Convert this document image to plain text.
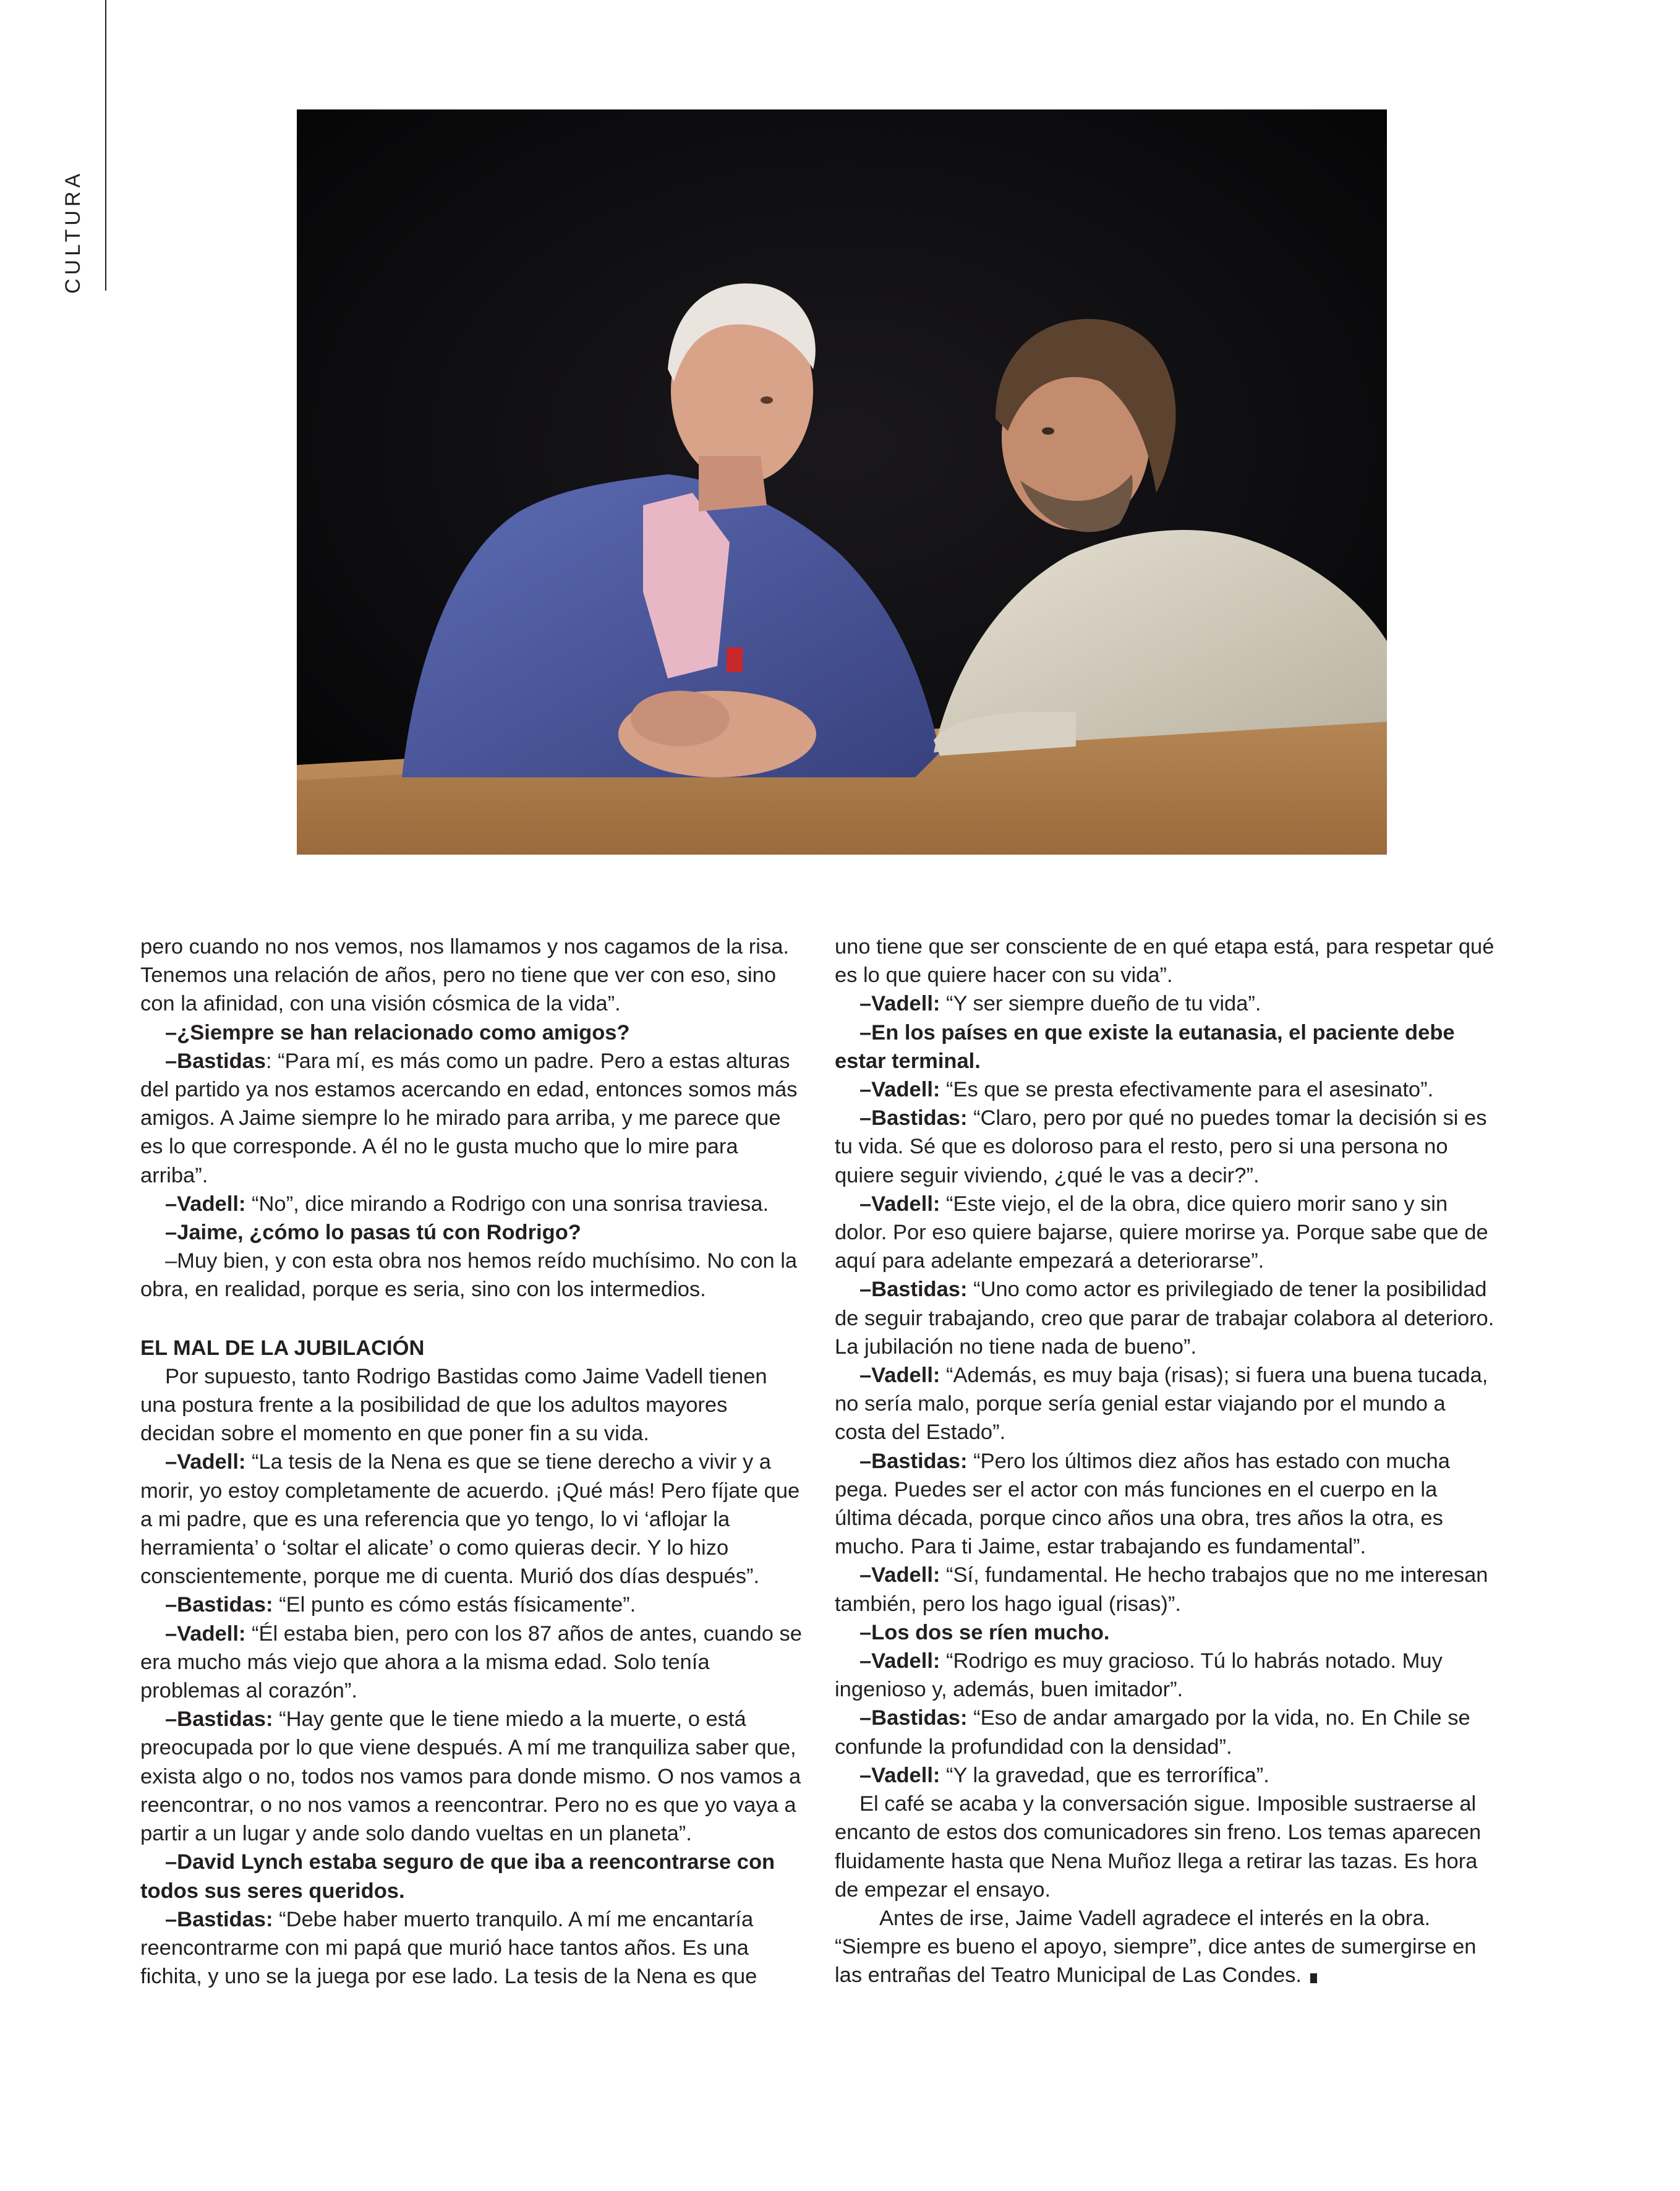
CULTURA

pero cuando no nos vemos, nos llamamos y nos cagamos de la risa. Tenemos una relación de años, pero no tiene que ver con eso, sino con la afinidad, con una visión cósmica de la vida”.

–¿Siempre se han relacionado como amigos?

–Bastidas: “Para mí, es más como un padre. Pero a estas alturas del partido ya nos estamos acercando en edad, entonces somos más amigos. A Jaime siempre lo he mirado para arriba, y me parece que es lo que corresponde. A él no le gusta mucho que lo mire para arriba”.

–Vadell: “No”, dice mirando a Rodrigo con una sonrisa traviesa.

–Jaime, ¿cómo lo pasas tú con Rodrigo?

–Muy bien, y con esta obra nos hemos reído muchísimo. No con la obra, en realidad, porque es seria, sino con los intermedios.

EL MAL DE LA JUBILACIÓN

Por supuesto, tanto Rodrigo Bastidas como Jaime Vadell tienen una postura frente a la posibilidad de que los adultos mayores decidan sobre el momento en que poner fin a su vida.

–Vadell: “La tesis de la Nena es que se tiene derecho a vivir y a morir, yo estoy completamente de acuerdo. ¡Qué más! Pero fíjate que a mi padre, que es una referencia que yo tengo, lo vi ‘aflojar la herramienta’ o ‘soltar el alicate’ o como quieras decir. Y lo hizo conscientemente, porque me di cuenta. Murió dos días después”.

–Bastidas: “El punto es cómo estás físicamente”.

–Vadell: “Él estaba bien, pero con los 87 años de antes, cuando se era mucho más viejo que ahora a la misma edad. Solo tenía problemas al corazón”.

–Bastidas: “Hay gente que le tiene miedo a la muerte, o está preocupada por lo que viene después. A mí me tranquiliza saber que, exista algo o no, todos nos vamos para donde mismo. O nos vamos a reencontrar, o no nos vamos a reencontrar. Pero no es que yo vaya a partir a un lugar y ande solo dando vueltas en un planeta”.

–David Lynch estaba seguro de que iba a reencontrarse con todos sus seres queridos.

–Bastidas: “Debe haber muerto tranquilo. A mí me encantaría reencontrarme con mi papá que murió hace tantos años. Es una fichita, y uno se la juega por ese lado. La tesis de la Nena es que

uno tiene que ser consciente de en qué etapa está, para respetar qué es lo que quiere hacer con su vida”.

–Vadell: “Y ser siempre dueño de tu vida”.

–En los países en que existe la eutanasia, el paciente debe estar terminal.

–Vadell: “Es que se presta efectivamente para el asesinato”.

–Bastidas: “Claro, pero por qué no puedes tomar la decisión si es tu vida. Sé que es doloroso para el resto, pero si una persona no quiere seguir viviendo, ¿qué le vas a decir?”.

–Vadell: “Este viejo, el de la obra, dice quiero morir sano y sin dolor. Por eso quiere bajarse, quiere morirse ya. Porque sabe que de aquí para adelante empezará a deteriorarse”.

–Bastidas: “Uno como actor es privilegiado de tener la posibilidad de seguir trabajando, creo que parar de trabajar colabora al deterioro. La jubilación no tiene nada de bueno”.

–Vadell: “Además, es muy baja (risas); si fuera una buena tucada, no sería malo, porque sería genial estar viajando por el mundo a costa del Estado”.

–Bastidas: “Pero los últimos diez años has estado con mucha pega. Puedes ser el actor con más funciones en el cuerpo en la última década, porque cinco años una obra, tres años la otra, es mucho. Para ti Jaime, estar trabajando es fundamental”.

–Vadell: “Sí, fundamental. He hecho trabajos que no me interesan también, pero los hago igual (risas)”.

–Los dos se ríen mucho.

–Vadell: “Rodrigo es muy gracioso. Tú lo habrás notado. Muy ingenioso y, además, buen imitador”.

–Bastidas: “Eso de andar amargado por la vida, no. En Chile se confunde la profundidad con la densidad”.

–Vadell: “Y la gravedad, que es terrorífica”.

El café se acaba y la conversación sigue. Imposible sustraerse al encanto de estos dos comunicadores sin freno. Los temas aparecen fluidamente hasta que Nena Muñoz llega a retirar las tazas. Es hora de empezar el ensayo.

Antes de irse, Jaime Vadell agradece el interés en la obra. “Siempre es bueno el apoyo, siempre”, dice antes de sumergirse en las entrañas del Teatro Municipal de Las Condes.
